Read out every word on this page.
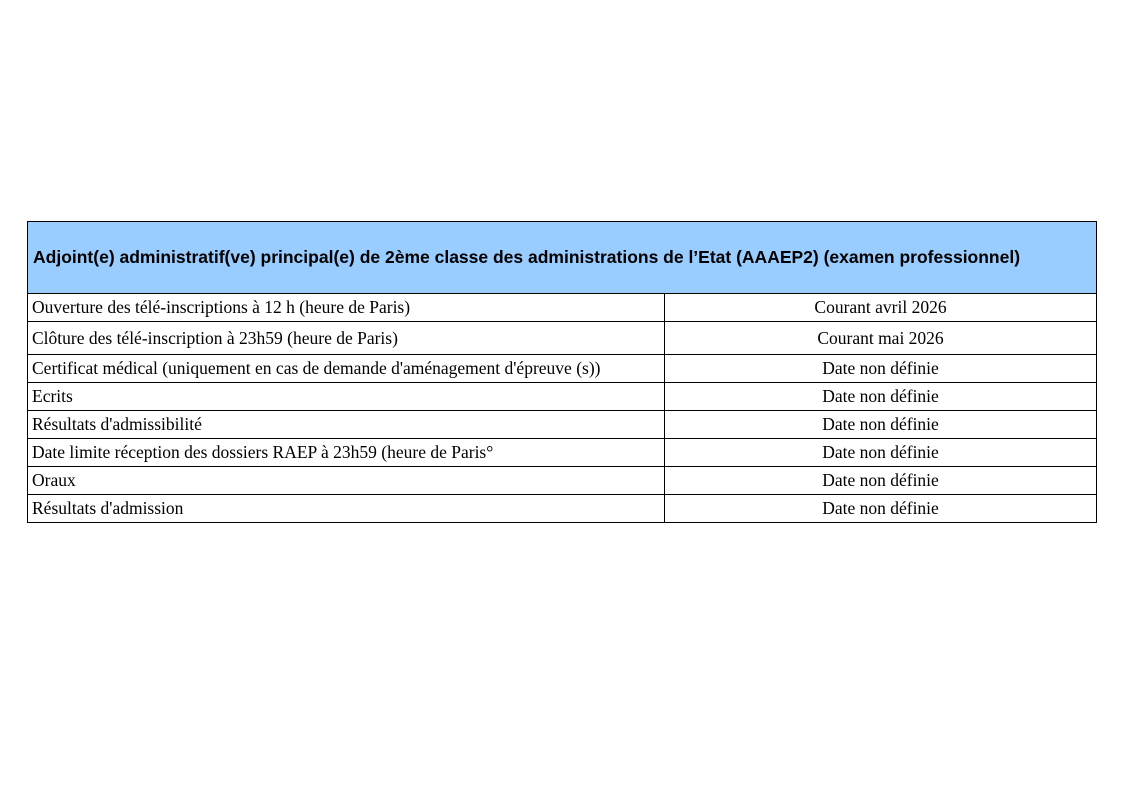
Adjoint(e) administratif(ve) principal(e) de 2ème classe des administrations de l’Etat (AAAEP2) (examen professionnel)	
Ouverture des télé-inscriptions à 12 h (heure de Paris)	Courant avril 2026
Clôture des télé-inscription à 23h59 (heure de Paris)	Courant mai 2026
Certificat médical (uniquement en cas de demande d'aménagement d'épreuve (s))	Date non définie
Ecrits	Date non définie
Résultats d'admissibilité	Date non définie
Date limite réception des dossiers RAEP à 23h59 (heure de Paris°	Date non définie
Oraux	Date non définie
Résultats d'admission	Date non définie
